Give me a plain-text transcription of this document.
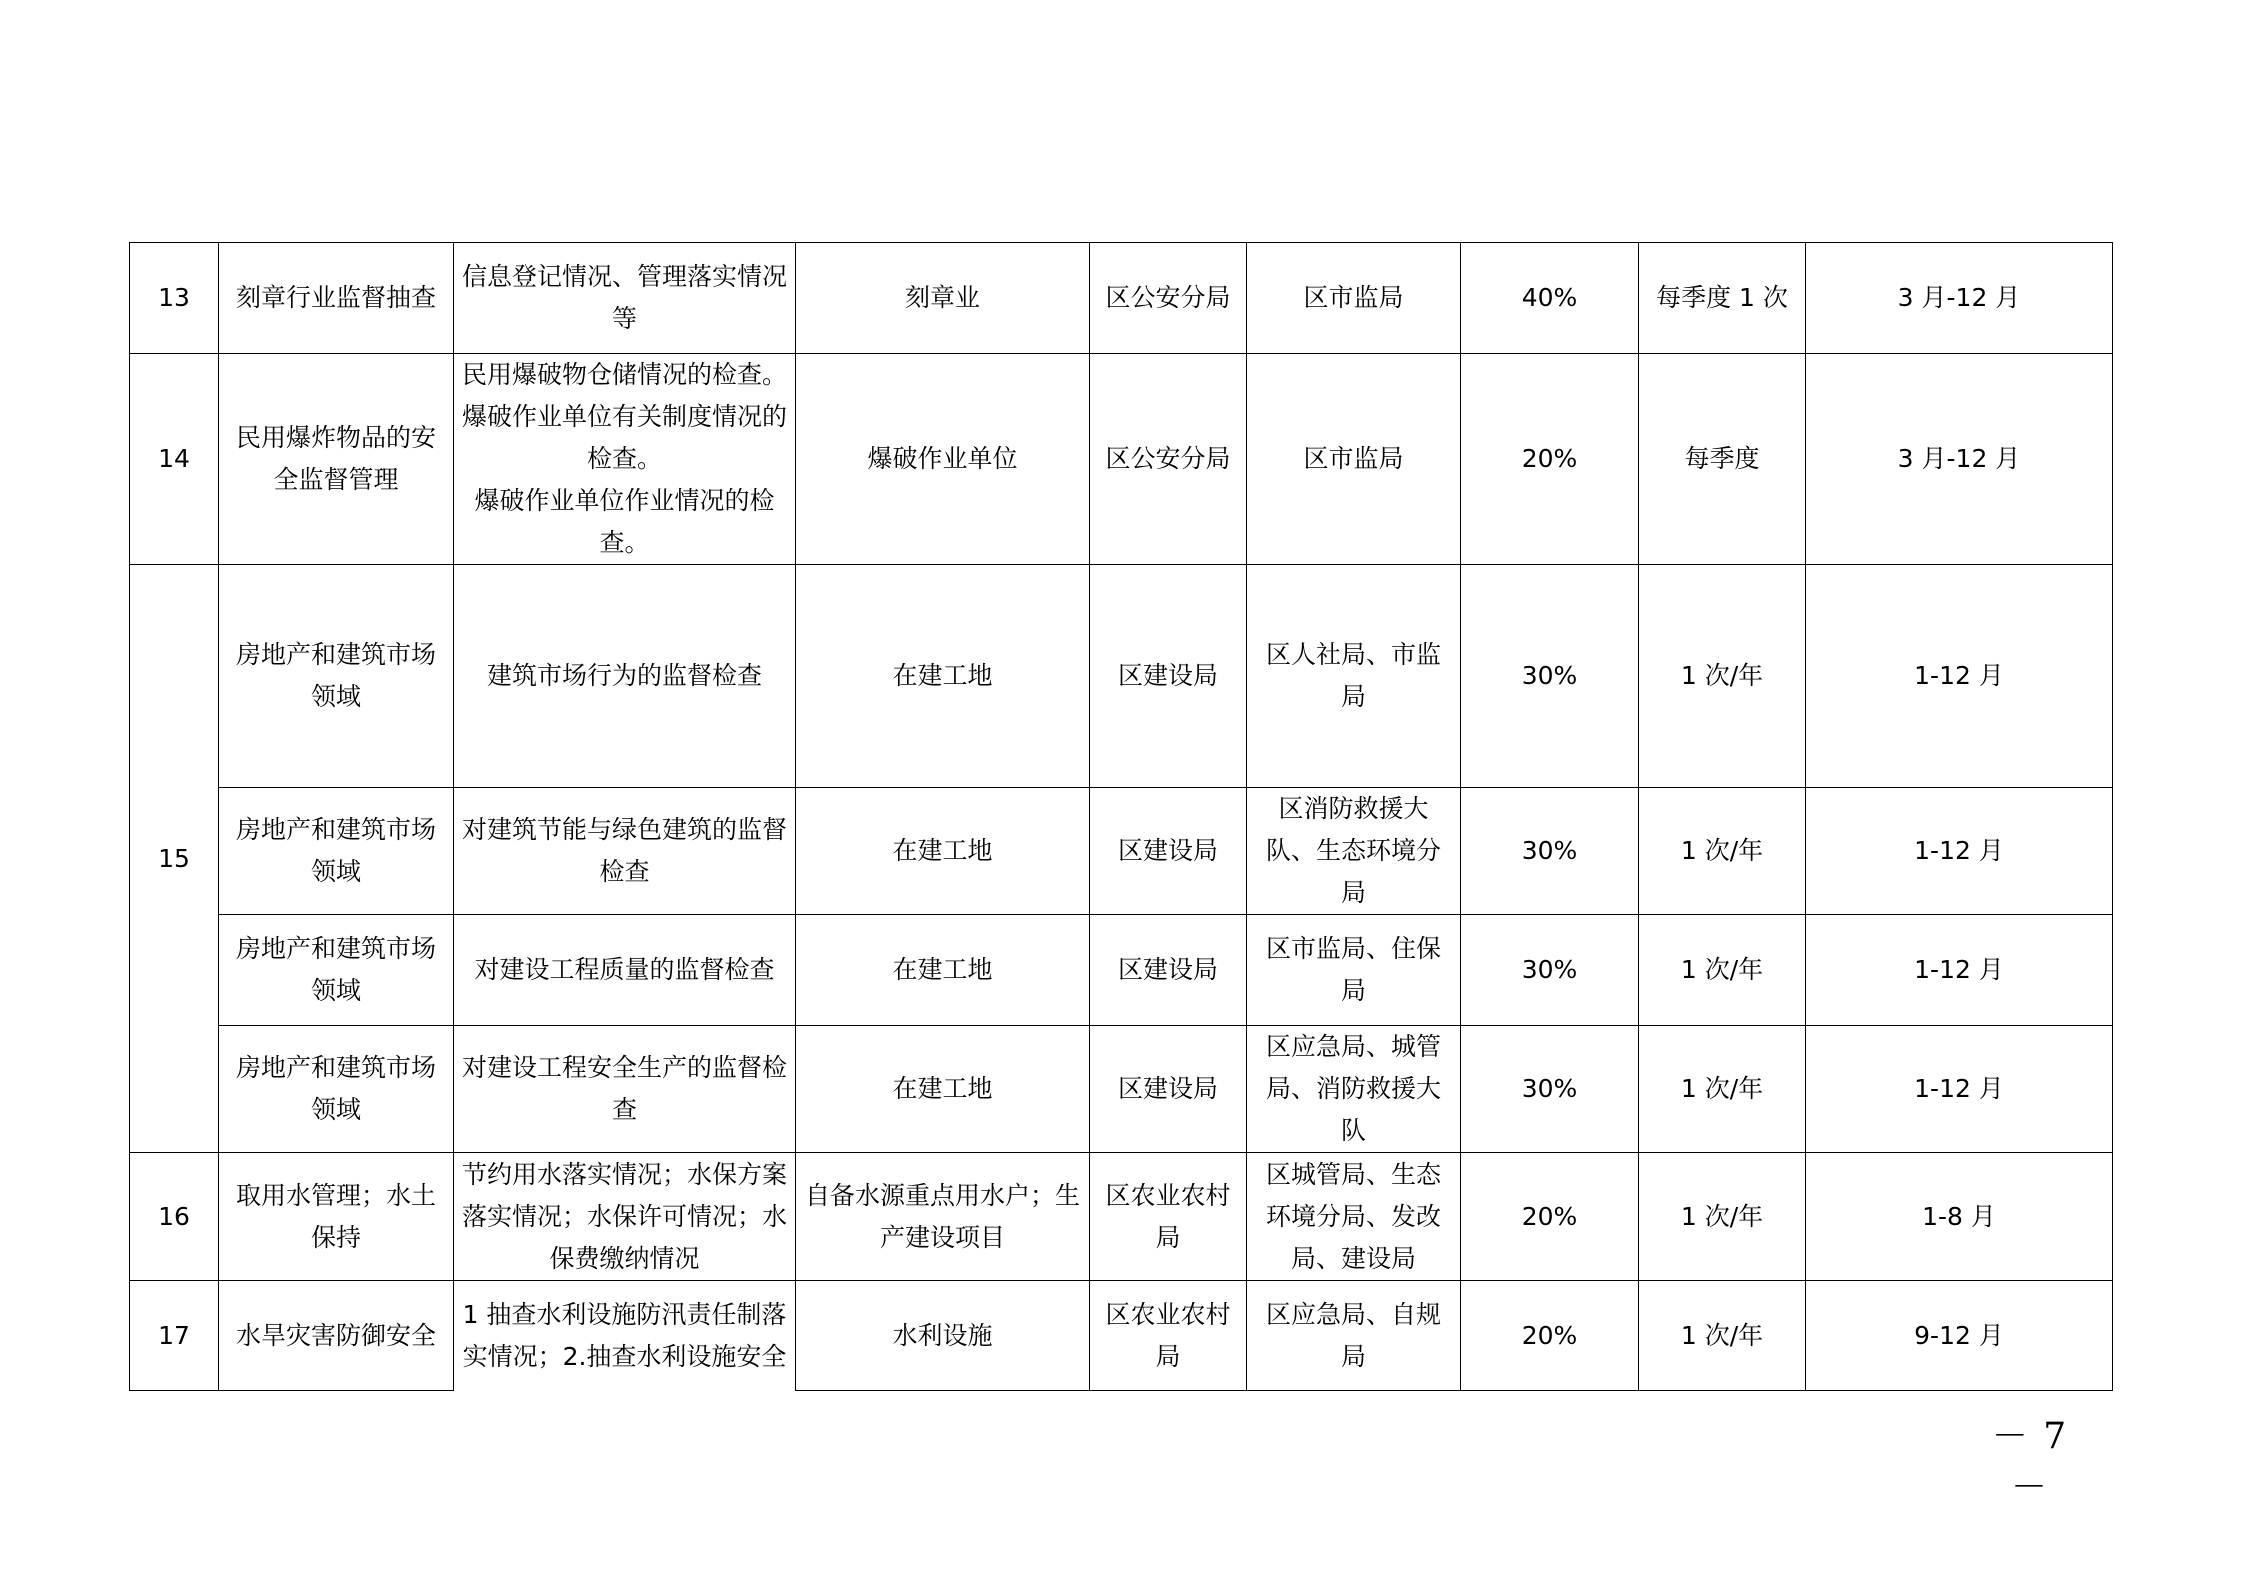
13	刻章行业监督抽查	信息登记情况、管理落实情况等	刻章业	区公安分局	区市监局	40%	每季度 1 次	3 月-12 月
14	民用爆炸物品的安全监督管理	民用爆破物仓储情况的检查。
爆破作业单位有关制度情况的检查。
爆破作业单位作业情况的检查。	爆破作业单位	区公安分局	区市监局	20%	每季度	3 月-12 月
15	房地产和建筑市场领域	建筑市场行为的监督检查	在建工地	区建设局	区人社局、市监局	30%	1 次/年	1-12 月
	房地产和建筑市场领域	对建筑节能与绿色建筑的监督检查	在建工地	区建设局	区消防救援大队、生态环境分局	30%	1 次/年	1-12 月
	房地产和建筑市场领域	对建设工程质量的监督检查	在建工地	区建设局	区市监局、住保局	30%	1 次/年	1-12 月
	房地产和建筑市场领域	对建设工程安全生产的监督检查	在建工地	区建设局	区应急局、城管局、消防救援大队	30%	1 次/年	1-12 月
16	取用水管理；水土保持	节约用水落实情况；水保方案落实情况；水保许可情况；水保费缴纳情况	自备水源重点用水户；生产建设项目	区农业农村局	区城管局、生态环境分局、发改局、建设局	20%	1 次/年	1-8 月
17	水旱灾害防御安全	1 抽查水利设施防汛责任制落实情况；2.抽查水利设施安全	水利设施	区农业农村局	区应急局、自规局	20%	1 次/年	9-12 月
－ 7 －
